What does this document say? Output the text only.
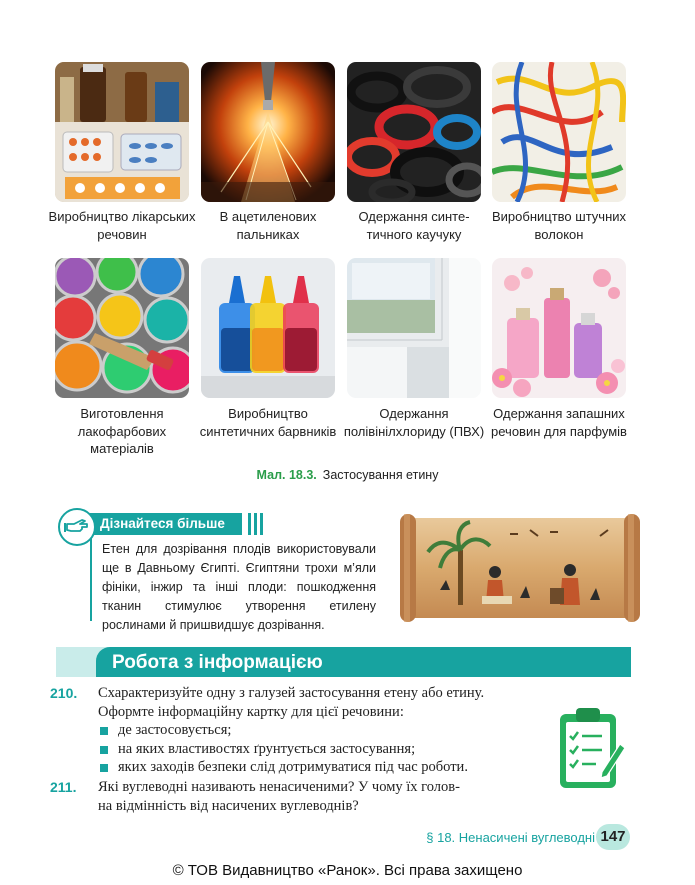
Виробництво лікарських речовин
В ацетиленових пальниках
Одержання синте-тичного каучуку
Виробництво штучних волокон
Виготовлення лакофарбових матеріалів
Виробництво синтетичних барвників
Одержання полівінілхлориду (ПВХ)
Одержання запашних речовин для парфумів
Мал. 18.3. Застосування етину
Дізнайтеся більше

Етен для дозрівання плодів використовували ще в Давньому Єгипті. Єгиптяни трохи м’яли фініки, інжир та інші плоди: пошкодження тканин стимулює утворення етилену рослинами й пришвидшує дозрівання.

Робота з інформацією
210. Схарактеризуйте одну з галузей застосування етену або етину.

Оформте інформаційну картку для цієї речовини:

де застосовується;
на яких властивостях ґрунтується застосування;
яких заходів безпеки слід дотримуватися під час роботи.
211. Які вуглеводні називають ненасиченими? У чому їх голов-

на відмінність від насичених вуглеводнів?

§ 18. Ненасичені вуглеводні 147
© ТОВ Видавництво «Ранок». Всі права захищено
